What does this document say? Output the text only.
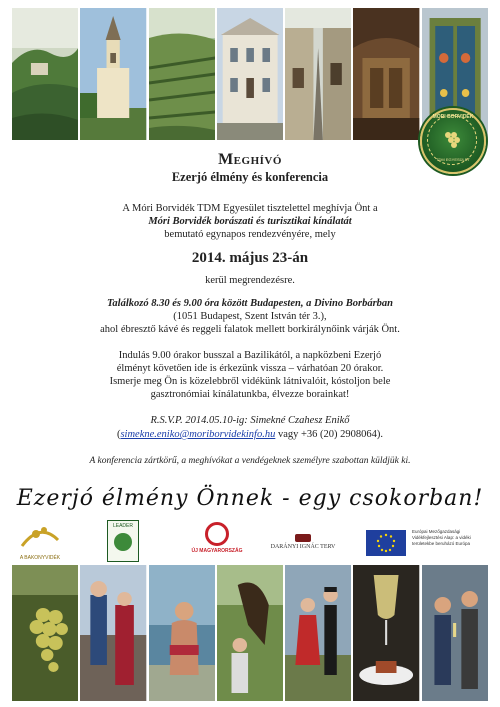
MÓRI BORVIDÉK
TDM EGYESÜLET
Meghívó
Ezerjó élmény és konferencia
A Móri Borvidék TDM Egyesület tisztelettel meghívja Önt a
Móri Borvidék borászati és turisztikai kínálatát
bemutató egynapos rendezvényére, mely
2014. május 23-án
kerül megrendezésre.
Találkozó 8.30 és 9.00 óra között Budapesten, a Divino Borbárban
(1051 Budapest, Szent István tér 3.),
ahol ébresztő kávé és reggeli falatok mellett borkirálynőink várják Önt.
Indulás 9.00 órakor busszal a Bazilikától, a napközbeni Ezerjó
élményt követően ide is érkezünk vissza – várhatóan 20 órakor.
Ismerje meg Ön is közelebbről vidékünk látnivalóit, kóstoljon bele
gasztronómiai kínálatunkba, élvezze borainkat!
R.S.V.P. 2014.05.10-ig: Simekné Czahesz Enikő
(simekne.eniko@moriborvidekinfo.hu vagy +36 (20) 2908064).
A konferencia zártkörű, a meghívókat a vendégeknek személyre szabottan küldjük ki.
Ezerjó élmény Önnek - egy csokorban!
A BAKONYVIDÉK
LEADER
ÚJ MAGYARORSZÁG
DARÁNYI IGNÁC TERV
Európai Mezőgazdasági Vidékfejlesztési Alap: a vidéki területekbe beruházó Európa
